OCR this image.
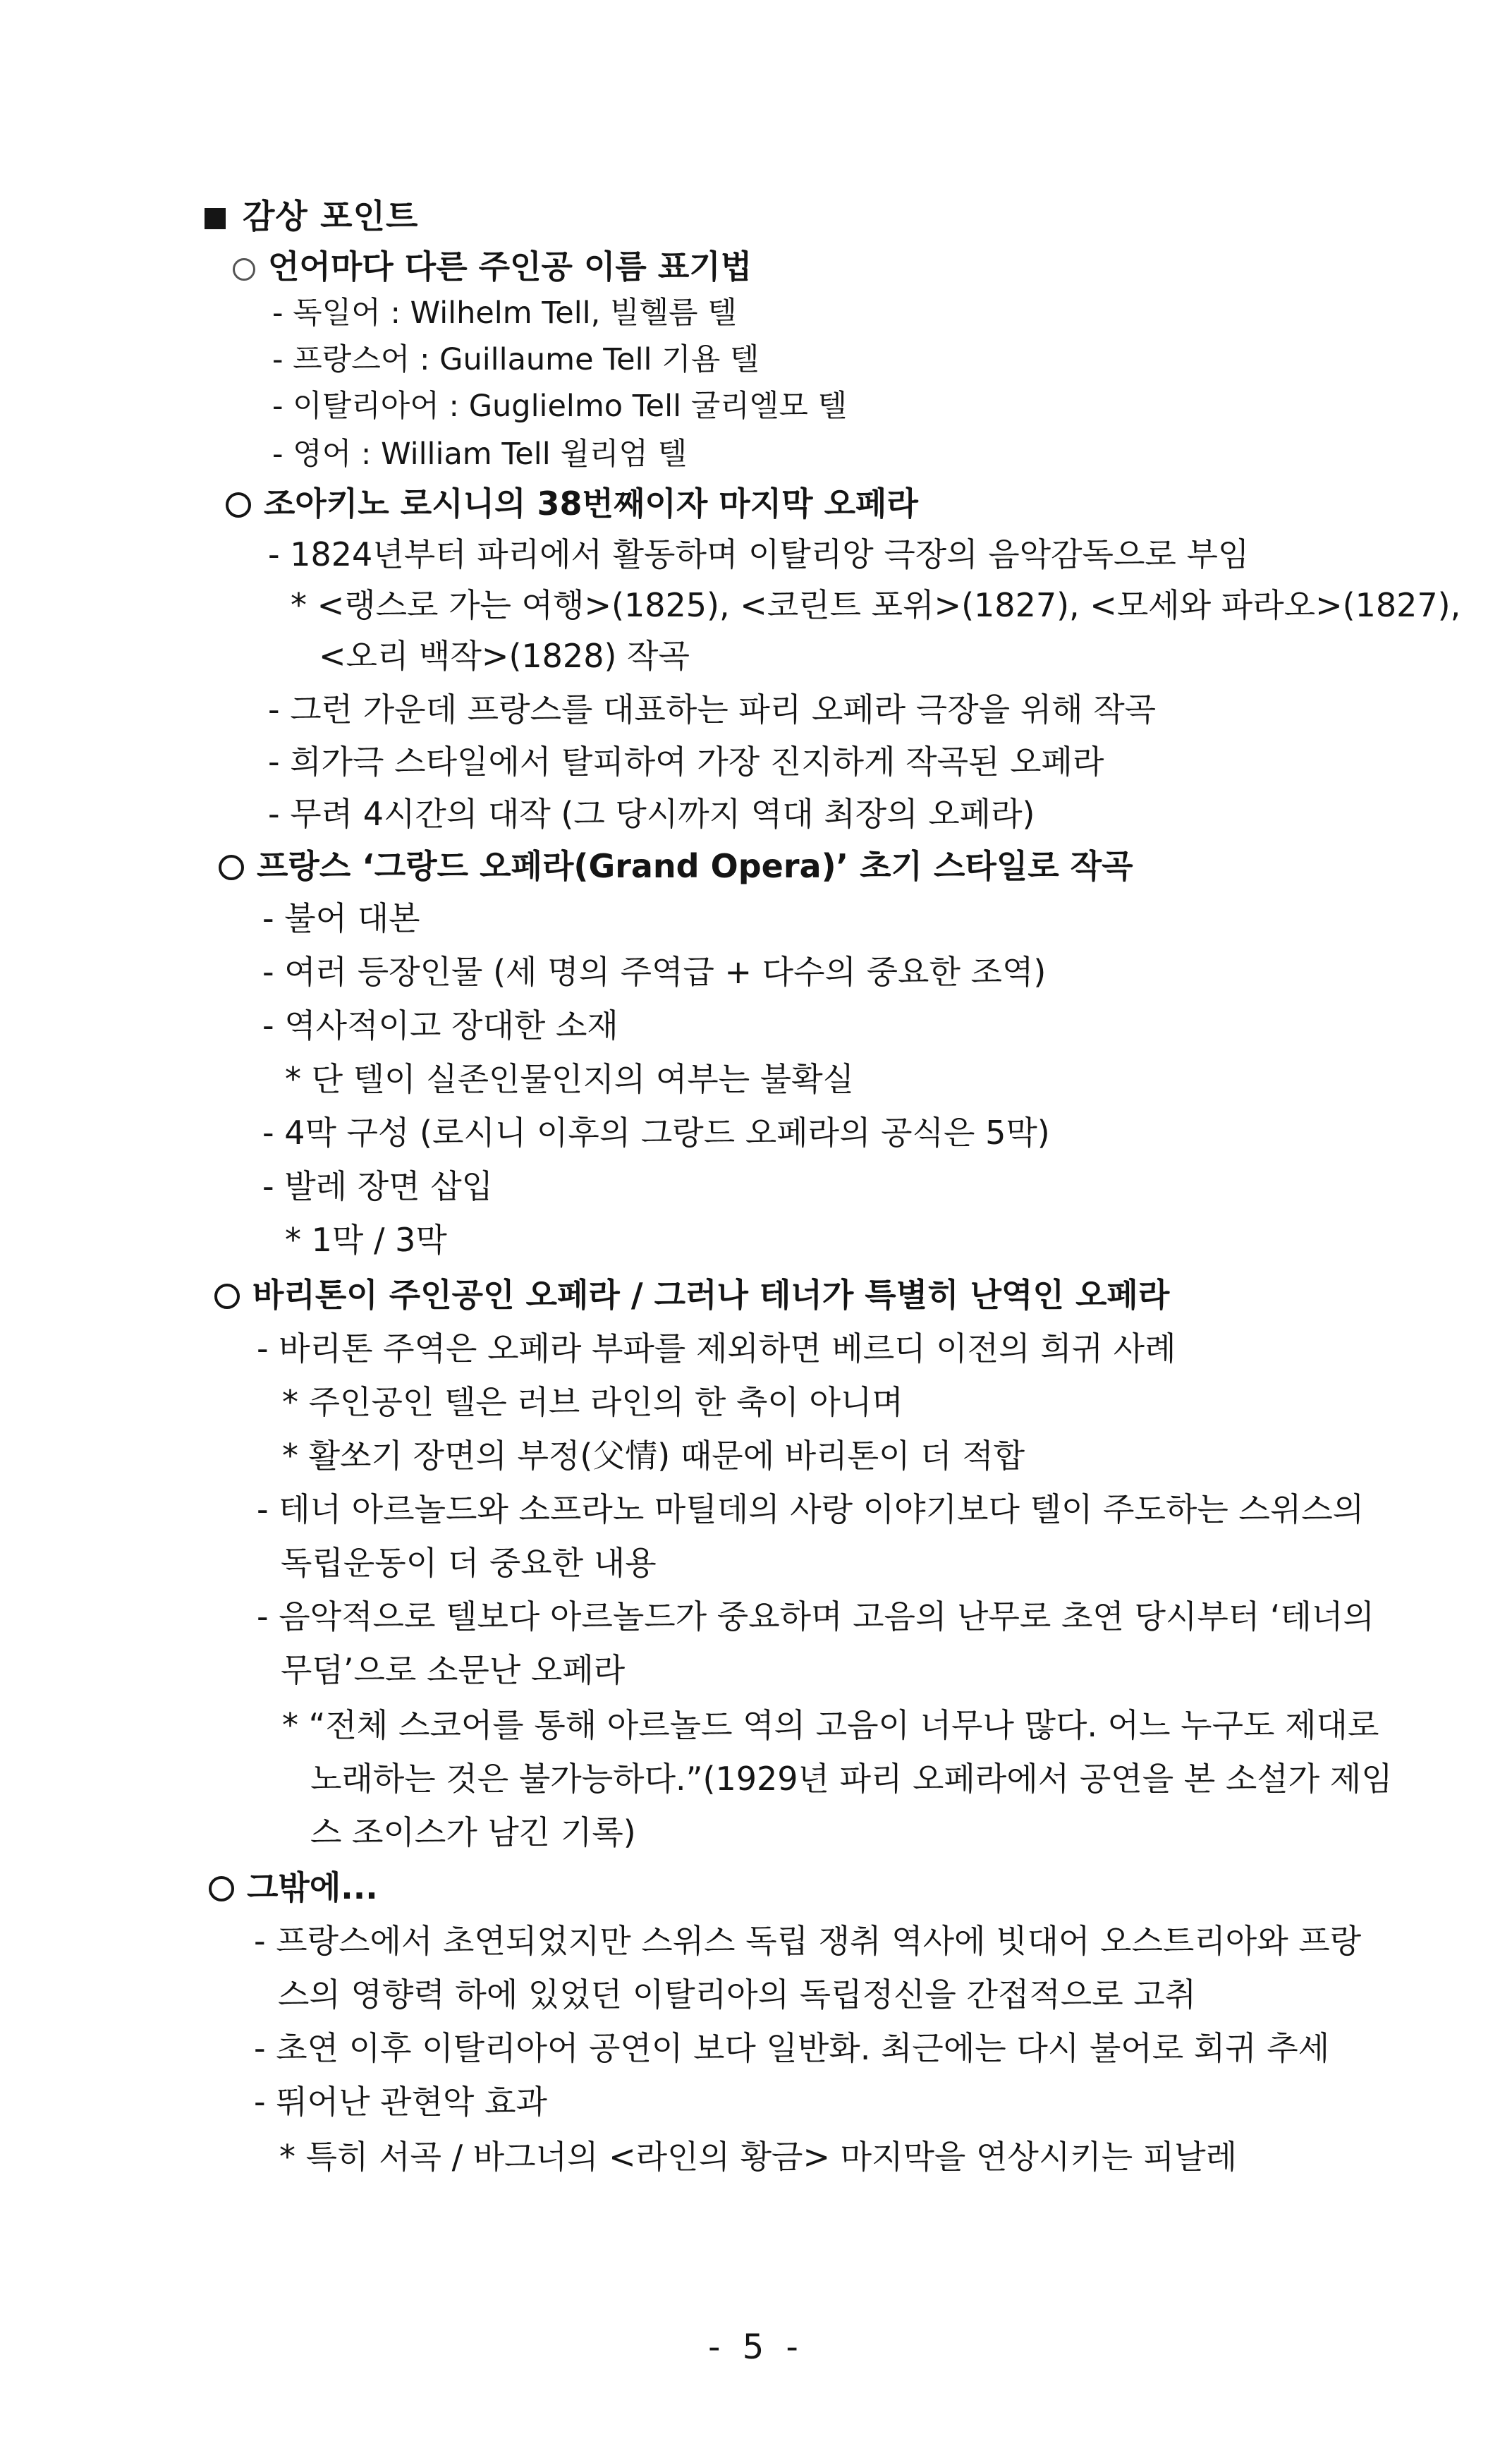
감상 포인트
언어마다 다른 주인공 이름 표기법
- 독일어 : Wilhelm Tell, 빌헬름 텔
- 프랑스어 : Guillaume Tell 기욤 텔
- 이탈리아어 : Guglielmo Tell 굴리엘모 텔
- 영어 : William Tell 윌리엄 텔
조아키노 로시니의 38번째이자 마지막 오페라
- 1824년부터 파리에서 활동하며 이탈리앙 극장의 음악감독으로 부임
* <랭스로 가는 여행>(1825), <코린트 포위>(1827), <모세와 파라오>(1827),
<오리 백작>(1828) 작곡
- 그런 가운데 프랑스를 대표하는 파리 오페라 극장을 위해 작곡
- 희가극 스타일에서 탈피하여 가장 진지하게 작곡된 오페라
- 무려 4시간의 대작 (그 당시까지 역대 최장의 오페라)
프랑스 ‘그랑드 오페라(Grand Opera)’ 초기 스타일로 작곡
- 불어 대본
- 여러 등장인물 (세 명의 주역급 + 다수의 중요한 조역)
- 역사적이고 장대한 소재
* 단 텔이 실존인물인지의 여부는 불확실
- 4막 구성 (로시니 이후의 그랑드 오페라의 공식은 5막)
- 발레 장면 삽입
* 1막 / 3막
바리톤이 주인공인 오페라 / 그러나 테너가 특별히 난역인 오페라
- 바리톤 주역은 오페라 부파를 제외하면 베르디 이전의 희귀 사례
* 주인공인 텔은 러브 라인의 한 축이 아니며
* 활쏘기 장면의 부정(父情) 때문에 바리톤이 더 적합
- 테너 아르놀드와 소프라노 마틸데의 사랑 이야기보다 텔이 주도하는 스위스의
독립운동이 더 중요한 내용
- 음악적으로 텔보다 아르놀드가 중요하며 고음의 난무로 초연 당시부터 ‘테너의
무덤’으로 소문난 오페라
* “전체 스코어를 통해 아르놀드 역의 고음이 너무나 많다. 어느 누구도 제대로
노래하는 것은 불가능하다.”(1929년 파리 오페라에서 공연을 본 소설가 제임
스 조이스가 남긴 기록)
그밖에...
- 프랑스에서 초연되었지만 스위스 독립 쟁취 역사에 빗대어 오스트리아와 프랑
스의 영향력 하에 있었던 이탈리아의 독립정신을 간접적으로 고취
- 초연 이후 이탈리아어 공연이 보다 일반화. 최근에는 다시 불어로 회귀 추세
- 뛰어난 관현악 효과
* 특히 서곡 / 바그너의 <라인의 황금> 마지막을 연상시키는 피날레
- 5 -
